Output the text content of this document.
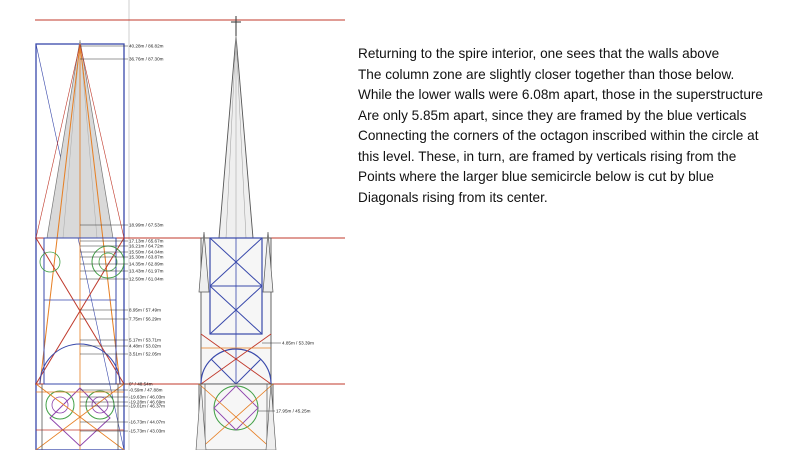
40.28m / 86.82m
36.76m / 87.30m
18.99m / 67.53m
17.13m / 65.67m
16.21m / 64.72m
15.50m / 64.04m
15.30m / 63.87m
14.35m / 62.89m
13.43m / 61.97m
12.50m / 61.04m
8.95m / 57.49m
7.75m / 56.29m
5.17m / 53.71m
4.48m / 53.02m
3.51m / 52.05m
0° / 48.54m
-0.59m / 47.88m
-19.63m / 46.03m
-19.28m / 46.69m
-19.01m / 46.37m
-16.73m / 44.07m
-15.73m / 43.03m
4.85m / 53.39m
17.95m / 45.25m
Returning to the spire interior, one sees that the walls above
The column zone are slightly closer together than those below.
While the lower walls were 6.08m apart, those in the superstructure
Are only 5.85m apart, since they are framed by the blue verticals
Connecting the corners of the octagon inscribed within the circle at
this level. These, in turn, are framed by verticals rising from the
Points where the larger blue semicircle below is cut by blue
Diagonals rising from its center.
